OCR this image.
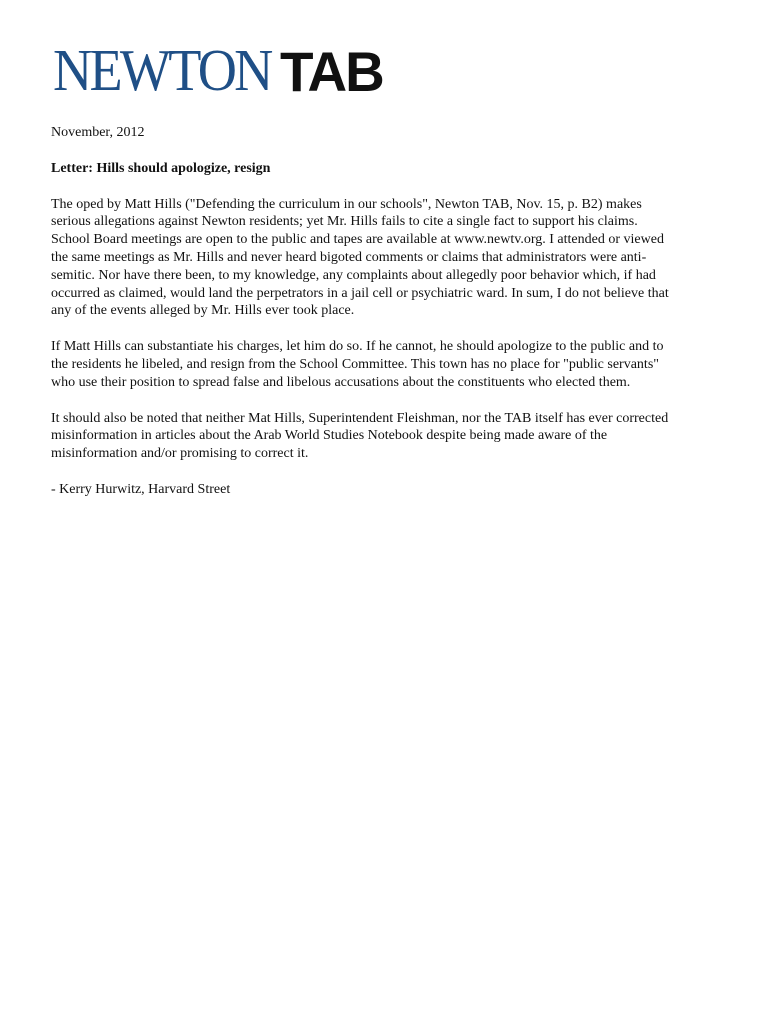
NEWTON TAB

November, 2012

Letter: Hills should apologize, resign

The oped by Matt Hills ("Defending the curriculum in our schools", Newton TAB, Nov. 15, p. B2) makes
serious allegations against Newton residents; yet Mr. Hills fails to cite a single fact to support his claims.
School Board meetings are open to the public and tapes are available at www.newtv.org. I attended or viewed
the same meetings as Mr. Hills and never heard bigoted comments or claims that administrators were anti-
semitic. Nor have there been, to my knowledge, any complaints about allegedly poor behavior which, if had
occurred as claimed, would land the perpetrators in a jail cell or psychiatric ward. In sum, I do not believe that
any of the events alleged by Mr. Hills ever took place.

If Matt Hills can substantiate his charges, let him do so. If he cannot, he should apologize to the public and to
the residents he libeled, and resign from the School Committee. This town has no place for "public servants"
who use their position to spread false and libelous accusations about the constituents who elected them.

It should also be noted that neither Mat Hills, Superintendent Fleishman, nor the TAB itself has ever corrected
misinformation in articles about the Arab World Studies Notebook despite being made aware of the
misinformation and/or promising to correct it.

- Kerry Hurwitz, Harvard Street
